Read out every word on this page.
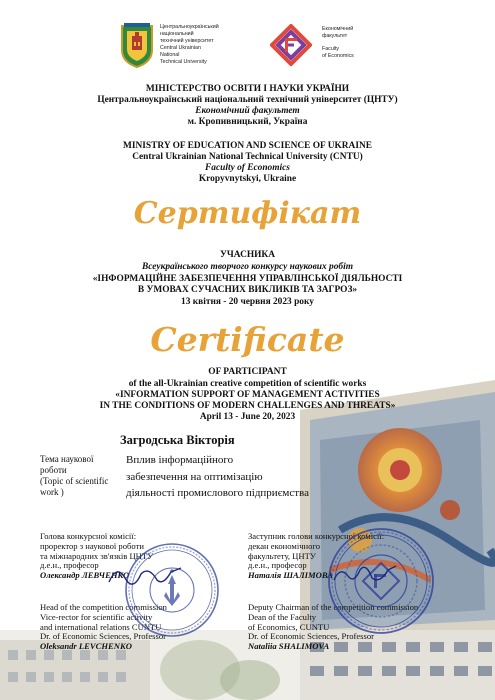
Центральноукраїнський
національний
технічний університет
Central Ukrainian
National
Technical University
Економічний
факультет
Faculty
of Economics
МІНІСТЕРСТВО ОСВІТИ І НАУКИ УКРАЇНИ
Центральноукраїнський національний технічний університет (ЦНТУ)
Економічний факультет
м. Кропивницький, Україна
MINISTRY OF EDUCATION AND SCIENCE OF UKRAINE
Central Ukrainian National Technical University (CNTU)
Faculty of Economics
Kropyvnytskyi, Ukraine
Сертифікат
УЧАСНИКА
Всеукраїнського творчого конкурсу наукових робіт
«ІНФОРМАЦІЙНЕ ЗАБЕЗПЕЧЕННЯ УПРАВЛІНСЬКОЇ ДІЯЛЬНОСТІ
В УМОВАХ СУЧАСНИХ ВИКЛИКІВ ТА ЗАГРОЗ»
13 квітня - 20 червня 2023 року
Certificate
OF PARTICIPANT
of the all-Ukrainian creative competition of scientific works
«INFORMATION SUPPORT OF MANAGEMENT ACTIVITIES
IN THE CONDITIONS OF MODERN CHALLENGES AND THREATS»
April 13 - June 20, 2023
Загродська Вікторія
Тема наукової
роботи
(Topic of scientific
work )
Вплив інформаційного
забезпечення на оптимізацію
діяльності промислового підприємства
Голова конкурсної комісії:
проректор з наукової роботи
та міжнародних зв'язків ЦНТУ
д.е.н., професор
Олександр ЛЕВЧЕНКО
Head of the competition commission
Vice-rector for scientific activity
and international relations CUNTU
Dr. of Economic Sciences, Professor
Oleksandr LEVCHENKO
Заступник голови конкурсної комісії:
декан економічного
факультету, ЦНТУ
д.е.н., професор
Наталія ШАЛІМОВА
Deputy Chairman of the competition commission
Dean of the Faculty
of Economics, CUNTU
Dr. of Economic Sciences, Professor
Nataliia SHALIMOVA
